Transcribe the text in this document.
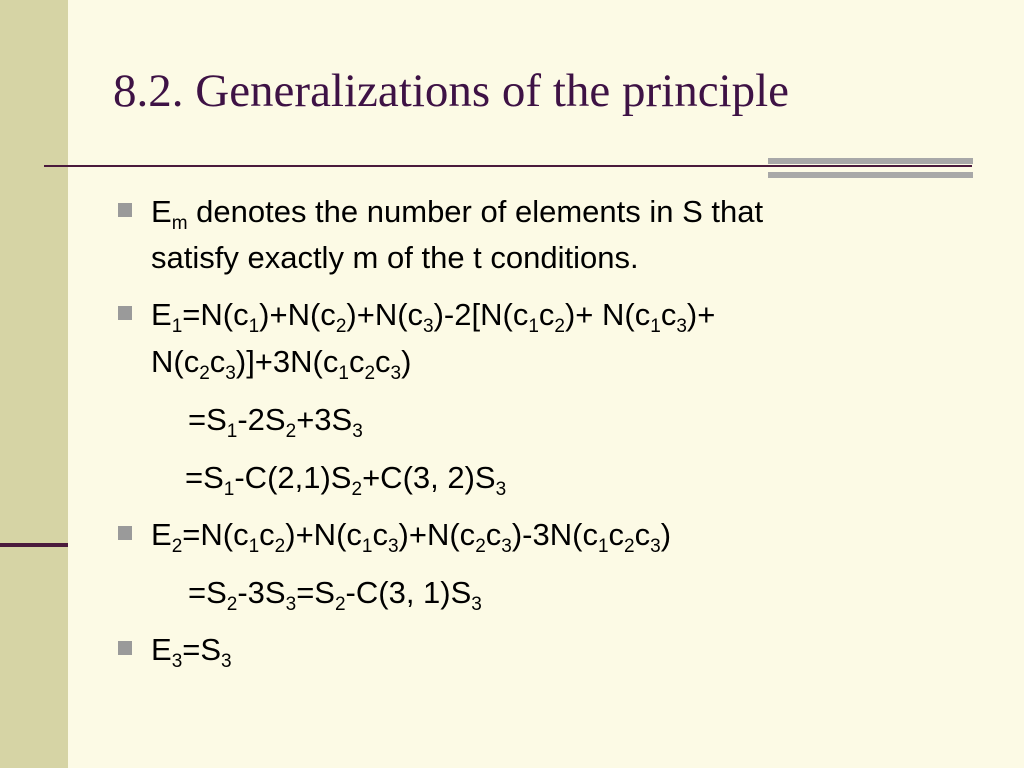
8.2. Generalizations of the principle
$E_m$ denotes the number of elements in S that
satisfy exactly m of the t conditions.
$E_1=N(c_1)+N(c_2)+N(c_3)-2[N(c_1c_2)+ N(c_1c_3)+$
$N(c_2c_3)]+3N(c_1c_2c_3)$
$=S_1-2S_2+3S_3$
$=S_1-C(2,1)S_2+C(3$, $2)S_3$
$E_2=N(c_1c_2)+N(c_1c_3)+N(c_2c_3)-3N(c_1c_2c_3)$
$=S_2-3S_3=S_2-C(3$, $1)S_3$
$E_3=S_3$
